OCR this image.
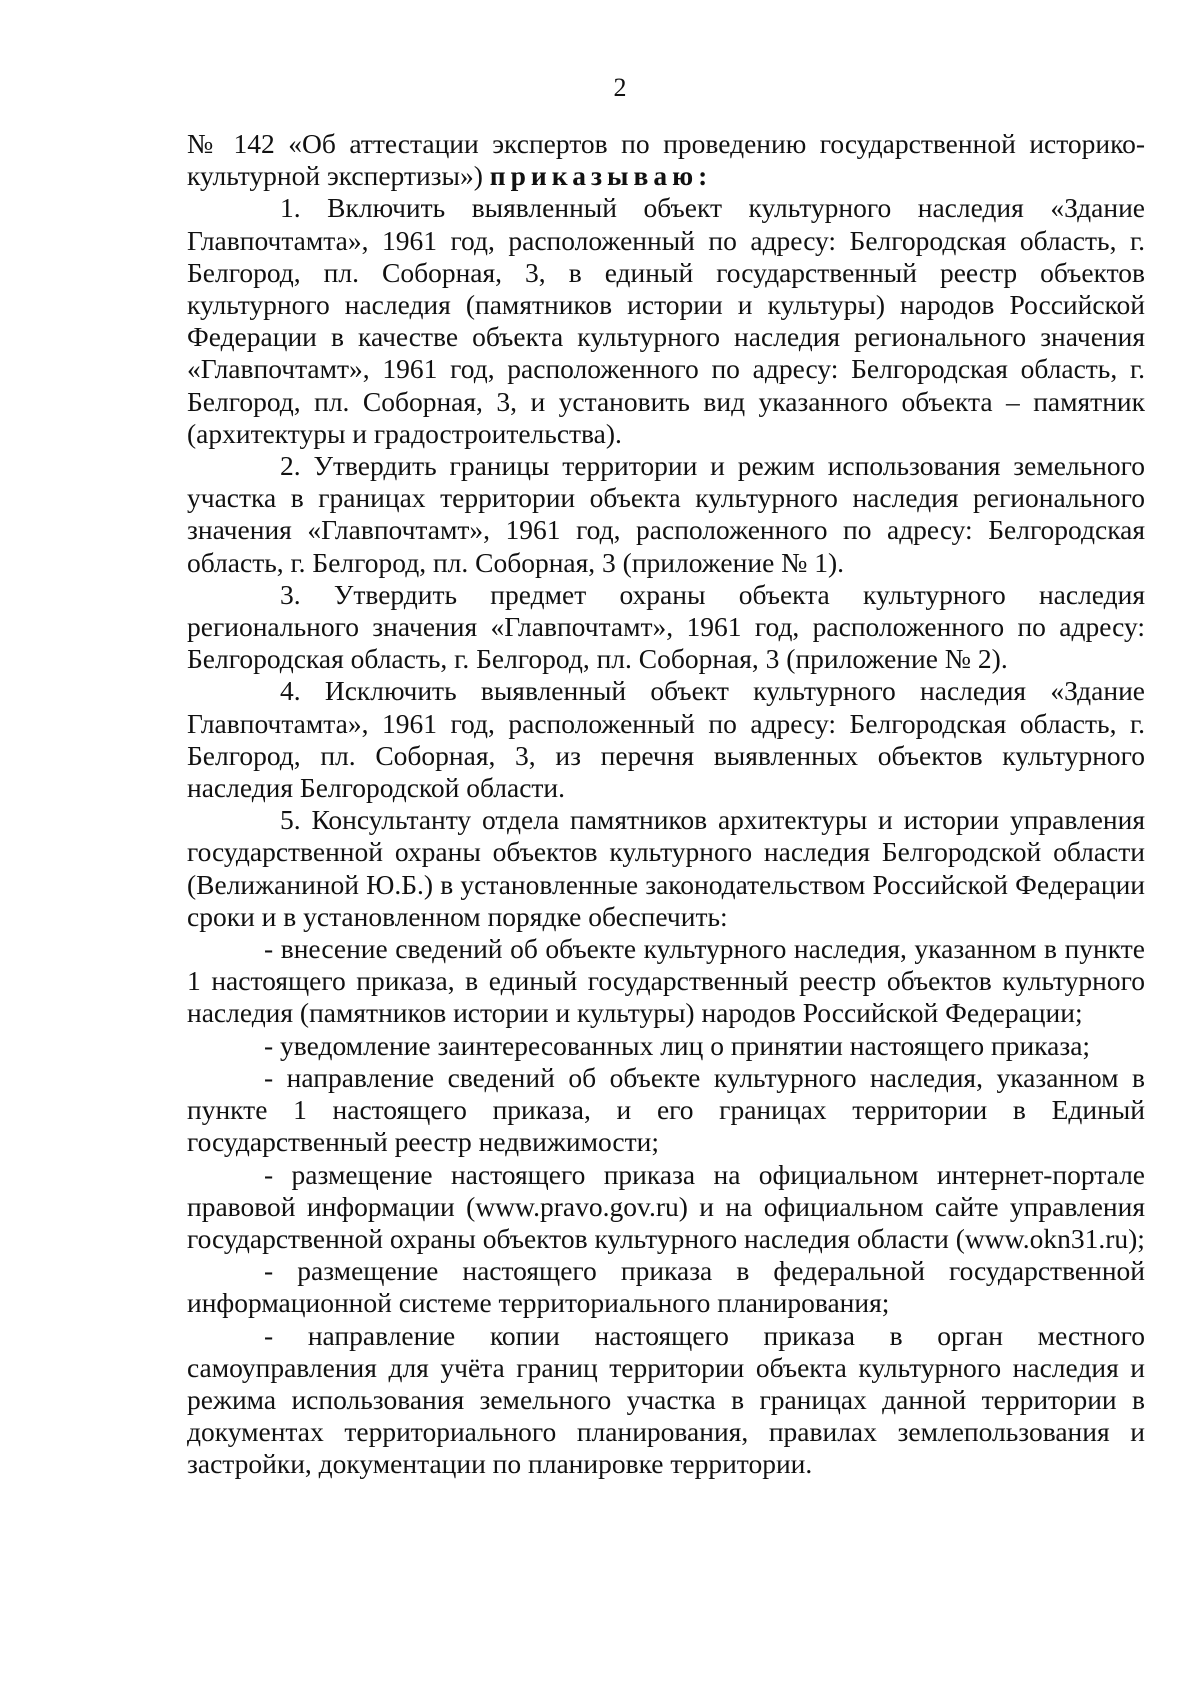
2

№ 142 «Об аттестации экспертов по проведению государственной историко-культурной экспертизы») приказываю:

1. Включить выявленный объект культурного наследия «Здание Главпочтамта», 1961 год, расположенный по адресу: Белгородская область, г. Белгород, пл. Соборная, 3, в единый государственный реестр объектов культурного наследия (памятников истории и культуры) народов Российской Федерации в качестве объекта культурного наследия регионального значения «Главпочтамт», 1961 год, расположенного по адресу: Белгородская область, г. Белгород, пл. Соборная, 3, и установить вид указанного объекта – памятник (архитектуры и градостроительства).

2. Утвердить границы территории и режим использования земельного участка в границах территории объекта культурного наследия регионального значения «Главпочтамт», 1961 год, расположенного по адресу: Белгородская область, г. Белгород, пл. Соборная, 3 (приложение № 1).

3. Утвердить предмет охраны объекта культурного наследия регионального значения «Главпочтамт», 1961 год, расположенного по адресу: Белгородская область, г. Белгород, пл. Соборная, 3 (приложение № 2).

4. Исключить выявленный объект культурного наследия «Здание Главпочтамта», 1961 год, расположенный по адресу: Белгородская область, г. Белгород, пл. Соборная, 3, из перечня выявленных объектов культурного наследия Белгородской области.

5. Консультанту отдела памятников архитектуры и истории управления государственной охраны объектов культурного наследия Белгородской области (Велижаниной Ю.Б.) в установленные законодательством Российской Федерации сроки и в установленном порядке обеспечить:

- внесение сведений об объекте культурного наследия, указанном в пункте 1 настоящего приказа, в единый государственный реестр объектов культурного наследия (памятников истории и культуры) народов Российской Федерации;

- уведомление заинтересованных лиц о принятии настоящего приказа;

- направление сведений об объекте культурного наследия, указанном в пункте 1 настоящего приказа, и его границах территории в Единый государственный реестр недвижимости;

- размещение настоящего приказа на официальном интернет-портале правовой информации (www.pravo.gov.ru) и на официальном сайте управления государственной охраны объектов культурного наследия области (www.okn31.ru);

- размещение настоящего приказа в федеральной государственной информационной системе территориального планирования;

- направление копии настоящего приказа в орган местного самоуправления для учёта границ территории объекта культурного наследия и режима использования земельного участка в границах данной территории в документах территориального планирования, правилах землепользования и застройки, документации по планировке территории.
